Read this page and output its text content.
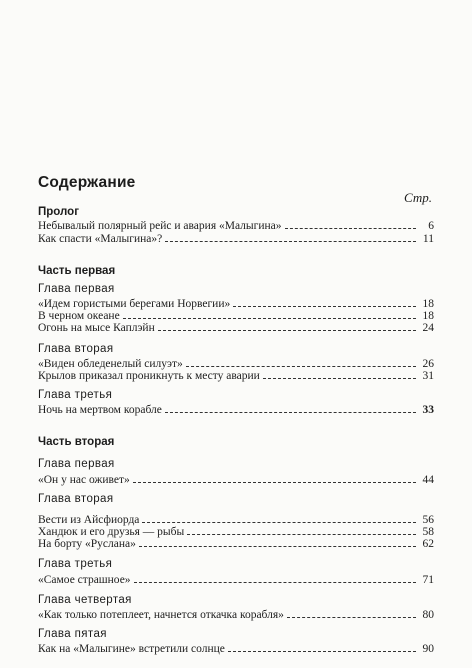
Содержание
Стр.
Пролог
Небывалый полярный рейс и авария «Малыгина»	6
Как спасти «Малыгина»?	11
Часть первая
Глава первая
«Идем гористыми берегами Норвегии»	18
В черном океане	18
Огонь на мысе Каплэйн	24
Глава вторая
«Виден обледенелый силуэт»	26
Крылов приказал проникнуть к месту аварии	31
Глава третья
Ночь на мертвом корабле	33
Часть вторая
Глава первая
«Он у нас оживет»	44
Глава вторая
Вести из Айсфиорда	56
Хандюк и его друзья — рыбы	58
На борту «Руслана»	62
Глава третья
«Самое страшное»	71
Глава четвертая
«Как только потеплеет, начнется откачка корабля»	80
Глава пятая
Как на «Малыгине» встретили солнце	90
